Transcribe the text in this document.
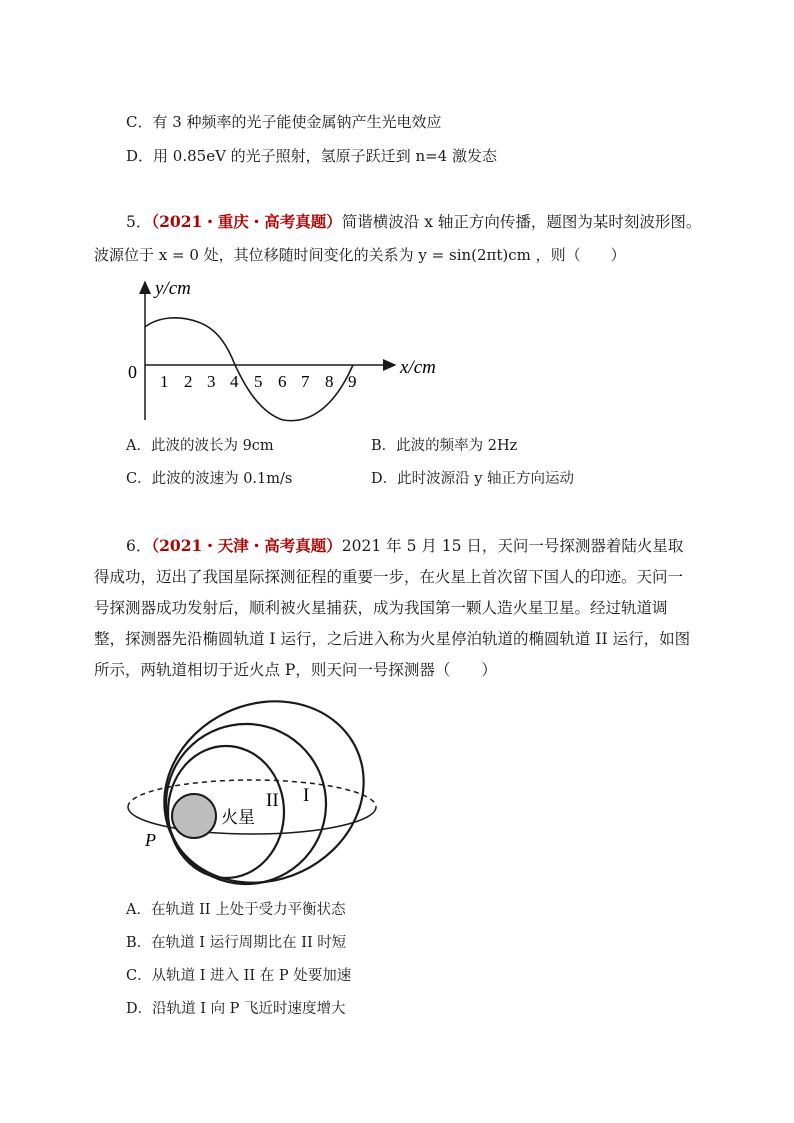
C．有 3 种频率的光子能使金属钠产生光电效应
D．用 0.85eV 的光子照射，氢原子跃迁到 n=4 激发态
5．（2021・重庆・高考真题）简谐横波沿 x 轴正方向传播，题图为某时刻波形图。
波源位于 x = 0 处，其位移随时间变化的关系为 y = sin(2πt)cm ，则（　　）
y/cm
x/cm
0 1 2 3 4 5 6 7 8 9
A．此波的波长为 9cm	B．此波的频率为 2Hz
C．此波的波速为 0.1m/s	D．此时波源沿 y 轴正方向运动
6．（2021・天津・高考真题）2021 年 5 月 15 日，天问一号探测器着陆火星取得成功，迈出了我国星际探测征程的重要一步，在火星上首次留下国人的印迹。天问一号探测器成功发射后，顺利被火星捕获，成为我国第一颗人造火星卫星。经过轨道调整，探测器先沿椭圆轨道 I 运行，之后进入称为火星停泊轨道的椭圆轨道 II 运行，如图所示，两轨道相切于近火点 P，则天问一号探测器（　　）
火星
II I
P
A．在轨道 II 上处于受力平衡状态
B．在轨道 I 运行周期比在 II 时短
C．从轨道 I 进入 II 在 P 处要加速
D．沿轨道 I 向 P 飞近时速度增大
